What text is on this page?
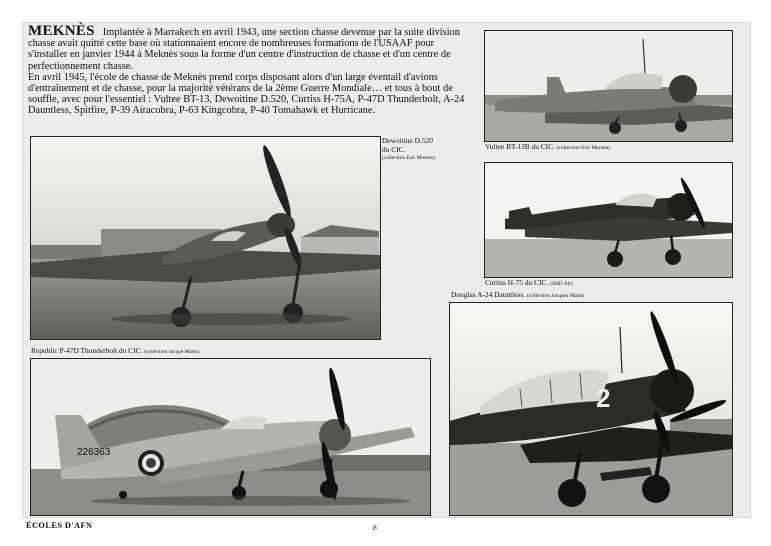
MEKNÈS Implantée à Marrakech en avril 1943, une section chasse devenue par la suite division chasse avait quitté cette base où stationnaient encore de nombreuses formations de l'USAAF pour s'installer en janvier 1944 à Meknès sous la forme d'un centre d'instruction de chasse et d'un centre de perfectionnement chasse.

En avril 1945, l'école de chasse de Meknès prend corps disposant alors d'un large éventail d'avions d'entraînement et de chasse, pour la majorité vétérans de la 2ème Guerre Mondiale… et tous à bout de souffle, avec pour l'essentiel : Vultee BT-13, Dewoitine D.520, Curtiss H-75A, P-47D Thunderbolt, A-24 Dauntless, Spitfire, P-39 Airacobra, P-63 Kingcobra, P-40 Tomahawk et Hurricane.

Dewoitine D.520
du CIC.
(collection Eric Moreau)
Vultee BT-13B du CIC. (collection Eric Moreau)
Curtiss H-75 du CIC. (SHD Air)
Douglas A-24 Dauntless. (collection Jacques Matin)
2
Republic P-47D Thunderbolt du CIC. (collection Jacque Matin)
226363
ÉCOLES D'AFN	8
